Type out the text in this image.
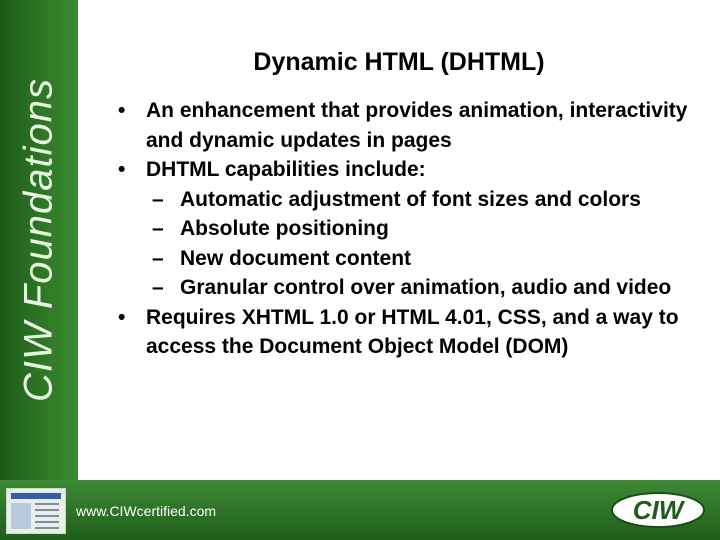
CIW Foundations
Dynamic HTML (DHTML)
• An enhancement that provides animation, interactivity and dynamic updates in pages
• DHTML capabilities include:
– Automatic adjustment of font sizes and colors
– Absolute positioning
– New document content
– Granular control over animation, audio and video
• Requires XHTML 1.0 or HTML 4.01, CSS, and a way to access the Document Object Model (DOM)
www.CIWcertified.com	CIW
